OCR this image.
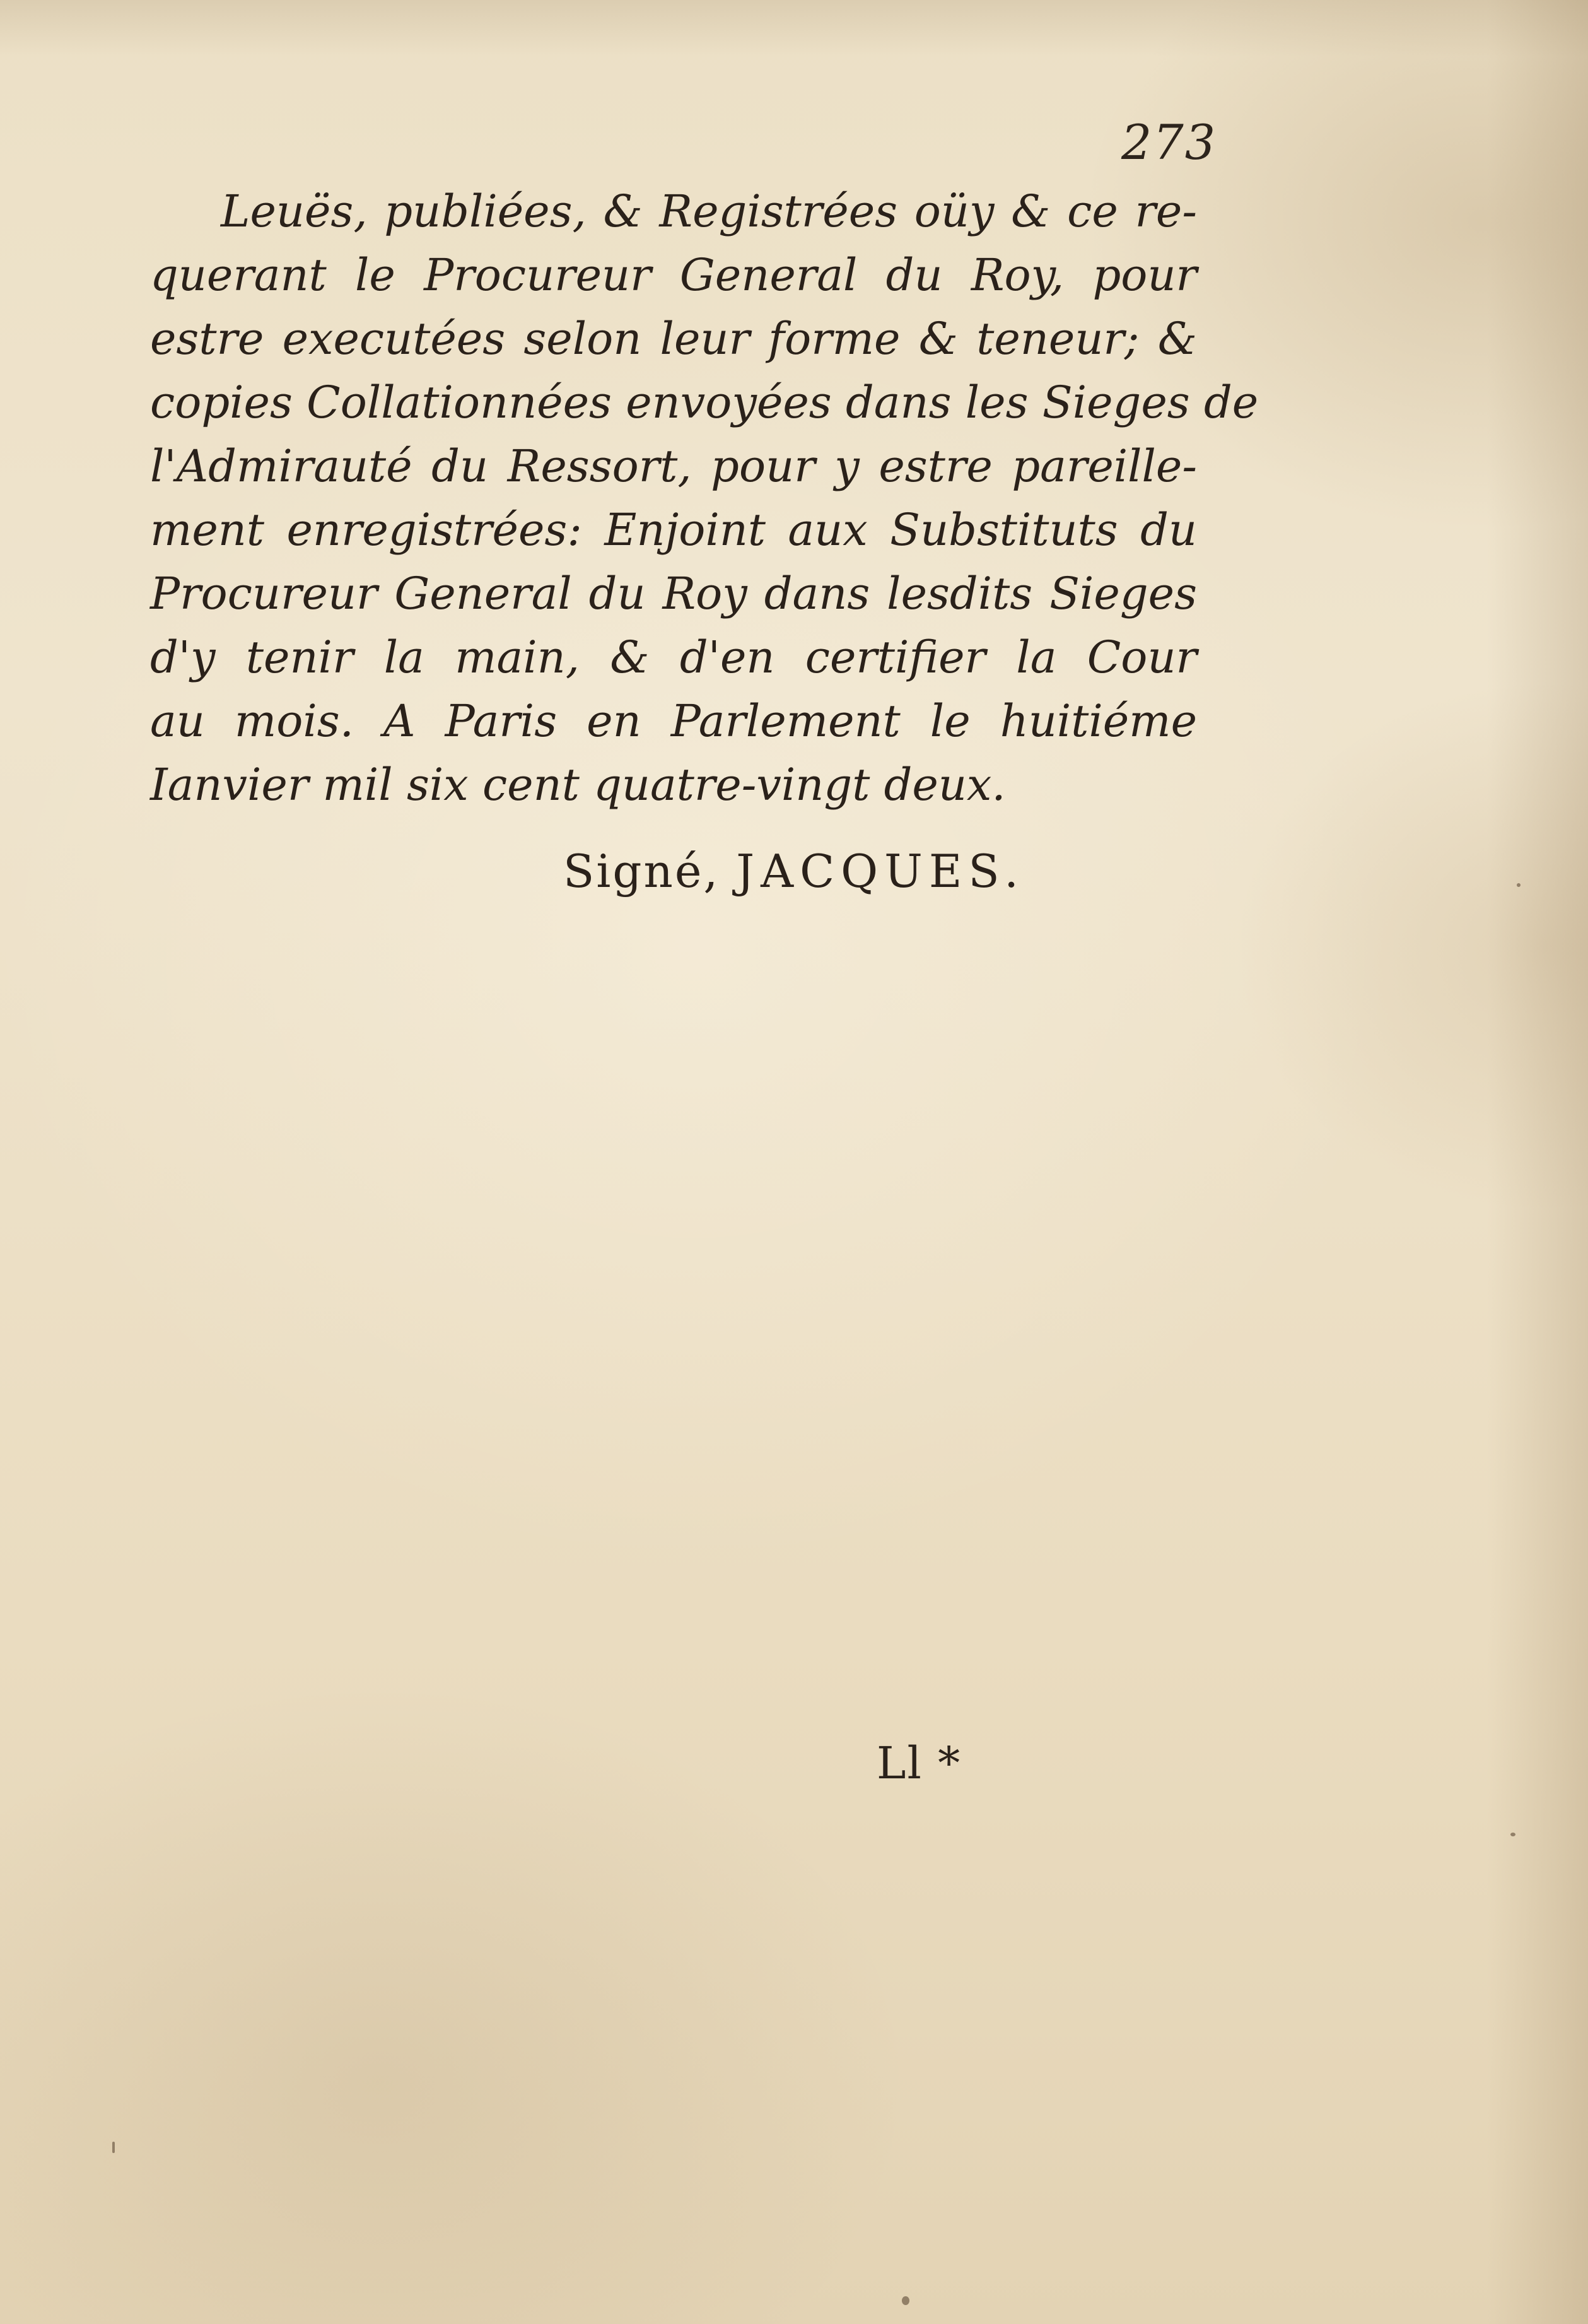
273

Leuës, publiées, & Registrées oüy & ce re-
querant le Procureur General du Roy, pour
estre executées selon leur forme & teneur; &
copies Collationnées envoyées dans les Sieges de
l'Admirauté du Ressort, pour y estre pareille-
ment enregistrées: Enjoint aux Substituts du
Procureur General du Roy dans lesdits Sieges
d'y tenir la main, & d'en certifier la Cour
au mois. A Paris en Parlement le huitiéme
Ianvier mil six cent quatre-vingt deux.

Signé, JACQUES.
Ll *
